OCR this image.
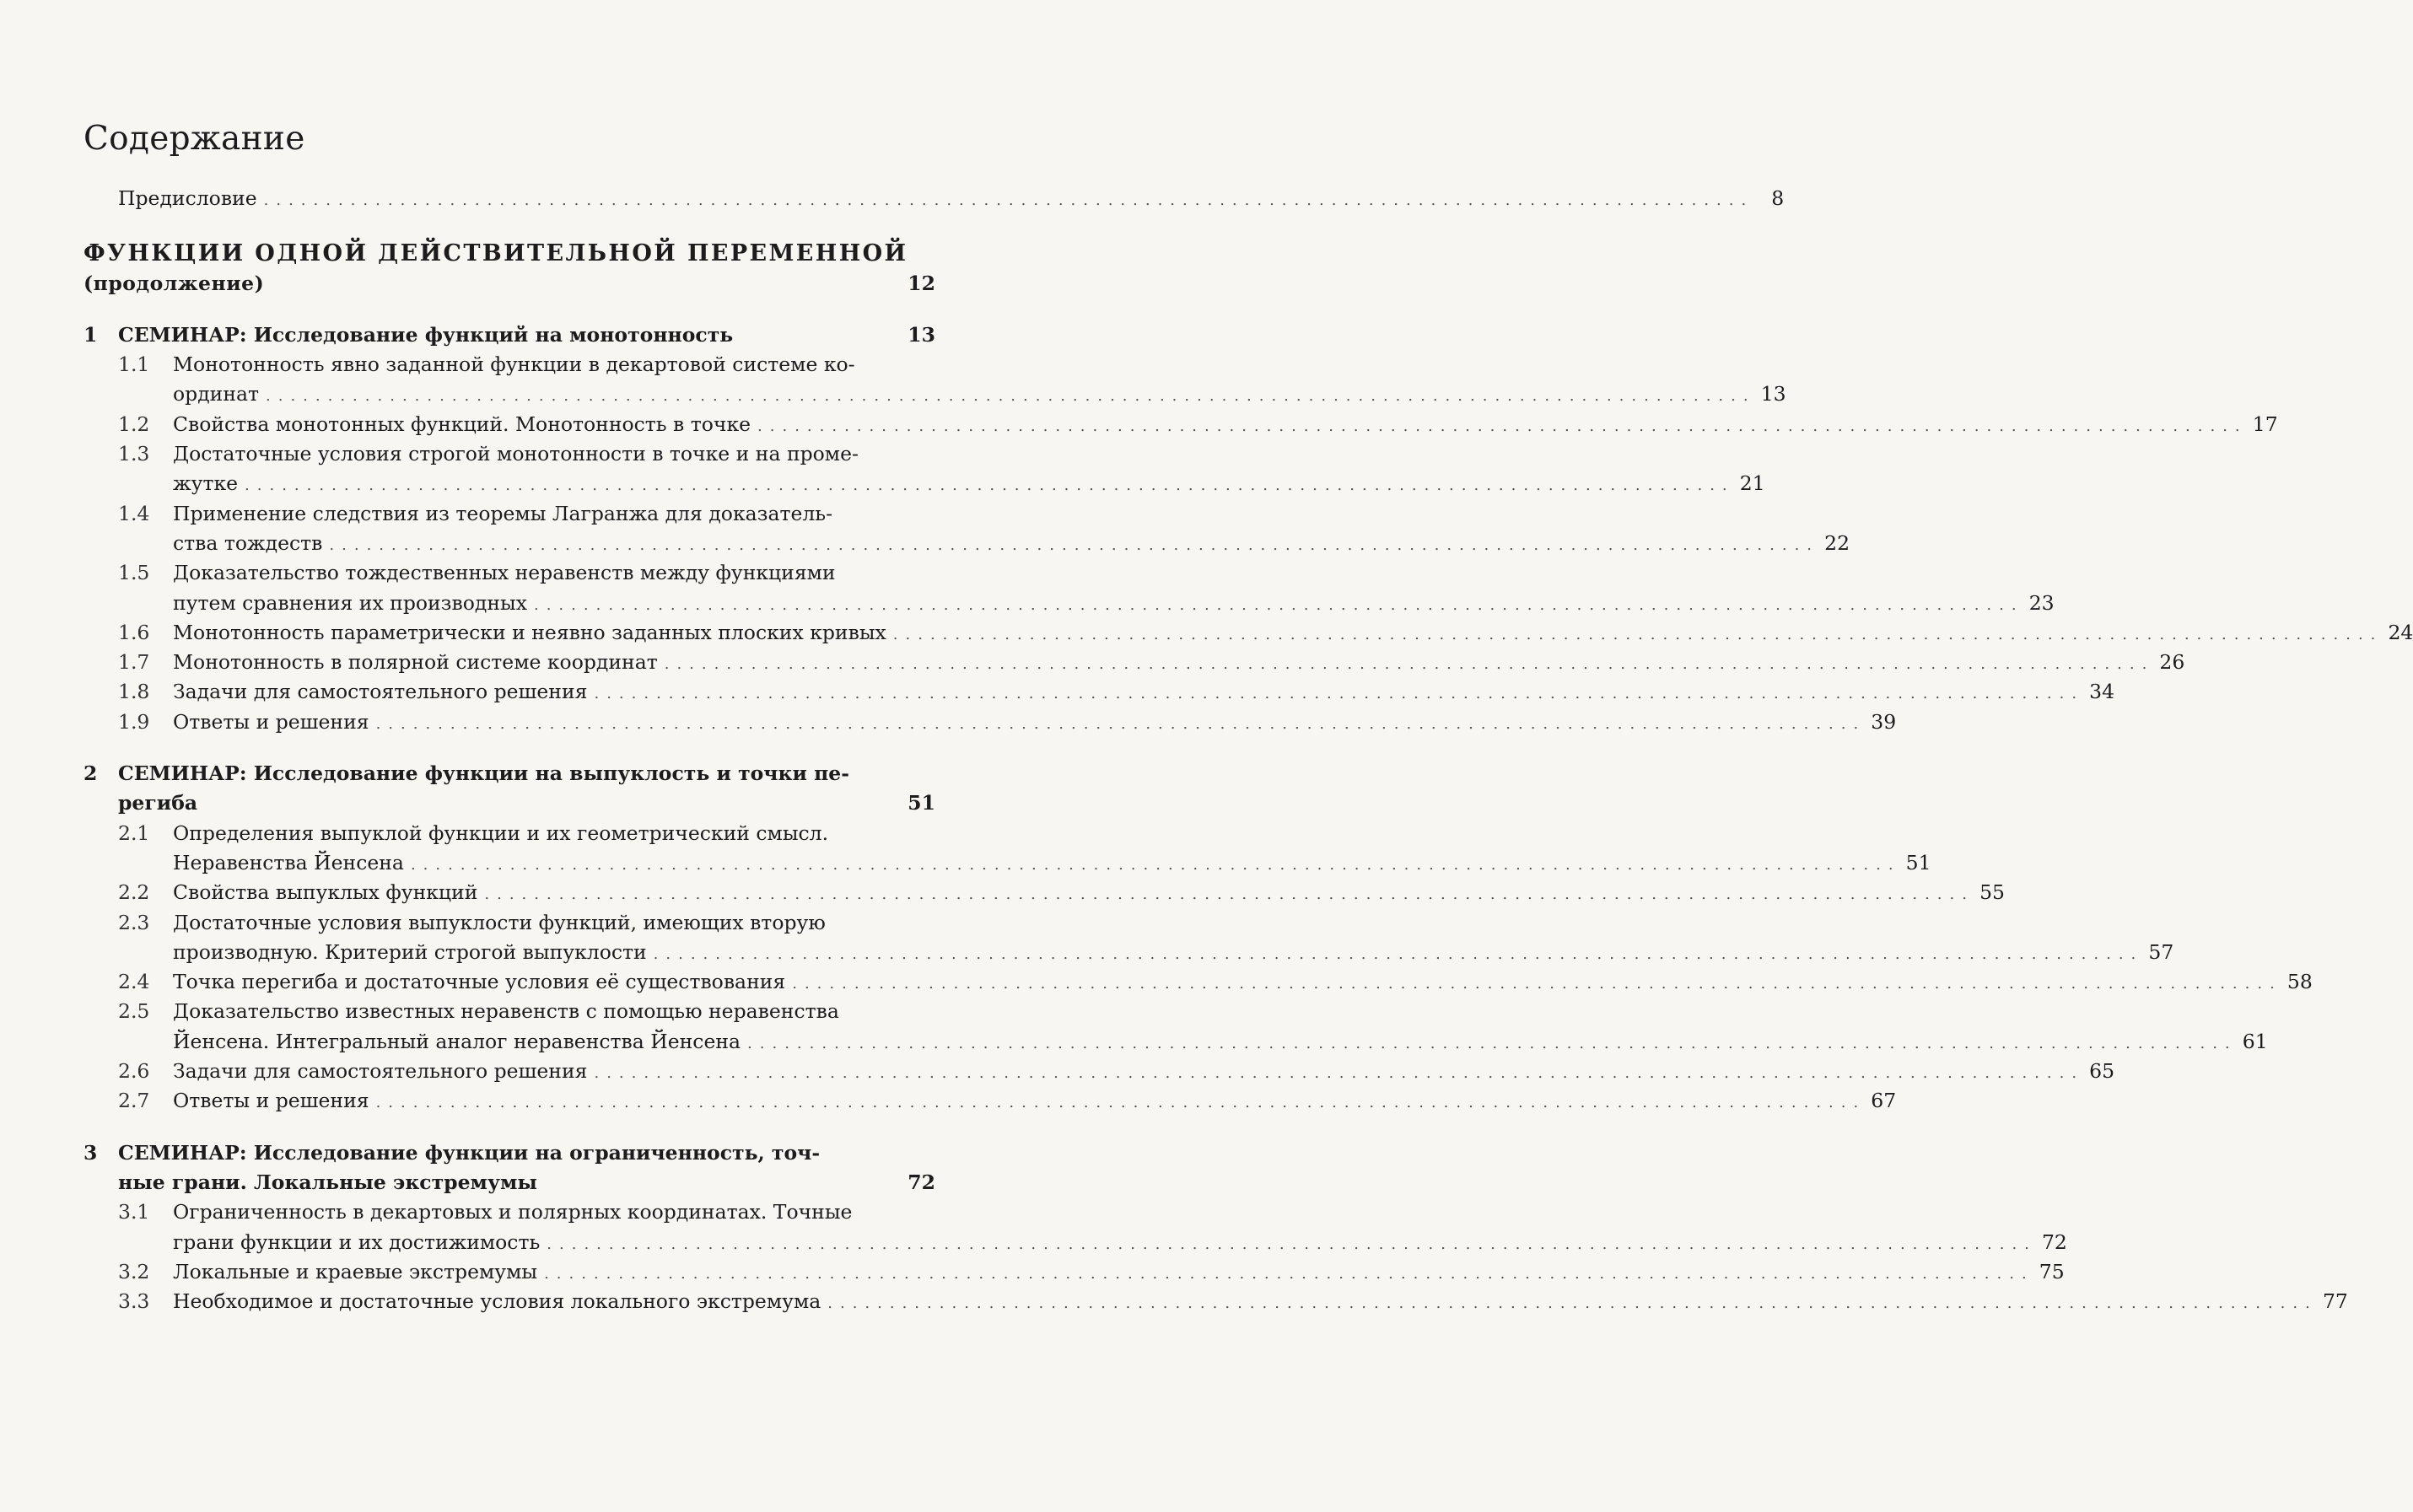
Содержание
Предисловие ........................................................................................................................ 8
ФУНКЦИИ ОДНОЙ ДЕЙСТВИТЕЛЬНОЙ ПЕРЕМЕННОЙ
(продолжение)	12
1 СЕМИНАР: Исследование функций на монотонность	13
1.1 Монотонность явно заданной функции в декартовой системе ко-
ординат ........................................................................................................................ 13
1.2 Свойства монотонных функций. Монотонность в точке ........................................................................................................................ 17
1.3 Достаточные условия строгой монотонности в точке и на проме-
жутке ........................................................................................................................ 21
1.4 Применение следствия из теоремы Лагранжа для доказатель-
ства тождеств ........................................................................................................................ 22
1.5 Доказательство тождественных неравенств между функциями
путем сравнения их производных ........................................................................................................................ 23
1.6 Монотонность параметрически и неявно заданных плоских кривых ........................................................................................................................ 24
1.7 Монотонность в полярной системе координат ........................................................................................................................ 26
1.8 Задачи для самостоятельного решения ........................................................................................................................ 34
1.9 Ответы и решения ........................................................................................................................ 39
2 СЕМИНАР: Исследование функции на выпуклость и точки пе-
региба	51
2.1 Определения выпуклой функции и их геометрический смысл.
Неравенства Йенсена ........................................................................................................................ 51
2.2 Свойства выпуклых функций ........................................................................................................................ 55
2.3 Достаточные условия выпуклости функций, имеющих вторую
производную. Критерий строгой выпуклости ........................................................................................................................ 57
2.4 Точка перегиба и достаточные условия её существования ........................................................................................................................ 58
2.5 Доказательство известных неравенств с помощью неравенства
Йенсена. Интегральный аналог неравенства Йенсена ........................................................................................................................ 61
2.6 Задачи для самостоятельного решения ........................................................................................................................ 65
2.7 Ответы и решения ........................................................................................................................ 67
3 СЕМИНАР: Исследование функции на ограниченность, точ-
ные грани. Локальные экстремумы	72
3.1 Ограниченность в декартовых и полярных координатах. Точные
грани функции и их достижимость ........................................................................................................................ 72
3.2 Локальные и краевые экстремумы ........................................................................................................................ 75
3.3 Необходимое и достаточные условия локального экстремума ........................................................................................................................ 77
